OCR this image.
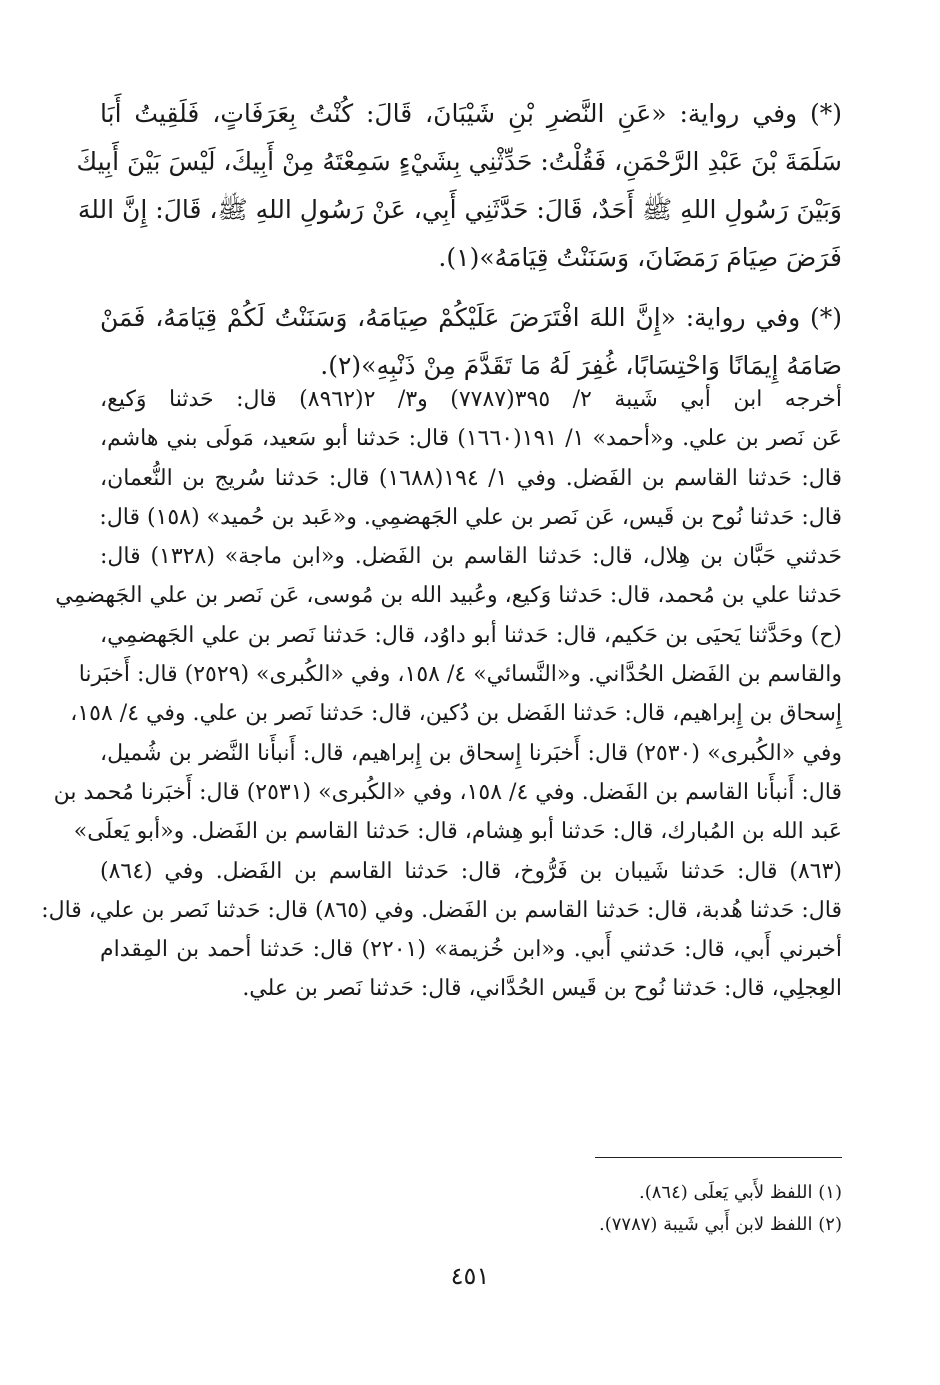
(*) وفي رواية: «عَنِ النَّضرِ بْنِ شَيْبَانَ، قَالَ: كُنْتُ بِعَرَفَاتٍ، فَلَقِيتُ أَبَا
سَلَمَةَ بْنَ عَبْدِ الرَّحْمَنِ، فَقُلْتُ: حَدِّثْنِي بِشَيْءٍ سَمِعْتَهُ مِنْ أَبِيكَ، لَيْسَ بَيْنَ أَبِيكَ
وَبَيْنَ رَسُولِ اللهِ ﷺ أَحَدٌ، قَالَ: حَدَّثَنِي أَبِي، عَنْ رَسُولِ اللهِ ﷺ، قَالَ: إِنَّ اللهَ
فَرَضَ صِيَامَ رَمَضَانَ، وَسَنَنْتُ قِيَامَهُ»(١).
(*) وفي رواية: «إِنَّ اللهَ افْتَرَضَ عَلَيْكُمْ صِيَامَهُ، وَسَنَنْتُ لَكُمْ قِيَامَهُ، فَمَنْ
صَامَهُ إِيمَانًا وَاحْتِسَابًا، غُفِرَ لَهُ مَا تَقَدَّمَ مِنْ ذَنْبِهِ»(٢).
أخرجه ابن أبي شَيبة ٢/ ٣٩٥(٧٧٨٧) و٣/ ٢(٨٩٦٢) قال: حَدثنا وَكيع،
عَن نَصر بن علي. و«أحمد» ١/ ١٩١(١٦٦٠) قال: حَدثنا أبو سَعيد، مَولَى بني هاشم،
قال: حَدثنا القاسم بن الفَضل. وفي ١/ ١٩٤(١٦٨٨) قال: حَدثنا سُريج بن النُّعمان،
قال: حَدثنا نُوح بن قَيس، عَن نَصر بن علي الجَهضمِي. و«عَبد بن حُميد» (١٥٨) قال:
حَدثني حَبَّان بن هِلال، قال: حَدثنا القاسم بن الفَضل. و«ابن ماجة» (١٣٢٨) قال:
حَدثنا علي بن مُحمد، قال: حَدثنا وَكيع، وعُبيد الله بن مُوسى، عَن نَصر بن علي الجَهضمِي
(ح) وحَدَّثنا يَحيَى بن حَكيم، قال: حَدثنا أبو داوُد، قال: حَدثنا نَصر بن علي الجَهضمِي،
والقاسم بن الفَضل الحُدَّاني. و«النَّسائي» ٤/ ١٥٨، وفي «الكُبرى» (٢٥٢٩) قال: أَخبَرنا
إِسحاق بن إِبراهيم، قال: حَدثنا الفَضل بن دُكين، قال: حَدثنا نَصر بن علي. وفي ٤/ ١٥٨،
وفي «الكُبرى» (٢٥٣٠) قال: أَخبَرنا إِسحاق بن إِبراهيم، قال: أَنبأَنا النَّضر بن شُميل،
قال: أَنبأَنا القاسم بن الفَضل. وفي ٤/ ١٥٨، وفي «الكُبرى» (٢٥٣١) قال: أَخبَرنا مُحمد بن
عَبد الله بن المُبارك، قال: حَدثنا أبو هِشام، قال: حَدثنا القاسم بن الفَضل. و«أبو يَعلَى»
(٨٦٣) قال: حَدثنا شَيبان بن فَرُّوخ، قال: حَدثنا القاسم بن الفَضل. وفي (٨٦٤)
قال: حَدثنا هُدبة، قال: حَدثنا القاسم بن الفَضل. وفي (٨٦٥) قال: حَدثنا نَصر بن علي، قال:
أخبرني أَبي، قال: حَدثني أَبي. و«ابن خُزيمة» (٢٢٠١) قال: حَدثنا أحمد بن المِقدام
العِجلِي، قال: حَدثنا نُوح بن قَيس الحُدَّاني، قال: حَدثنا نَصر بن علي.
(١) اللفظ لأَبي يَعلَى (٨٦٤).
(٢) اللفظ لابن أَبي شَيبة (٧٧٨٧).
٤٥١
